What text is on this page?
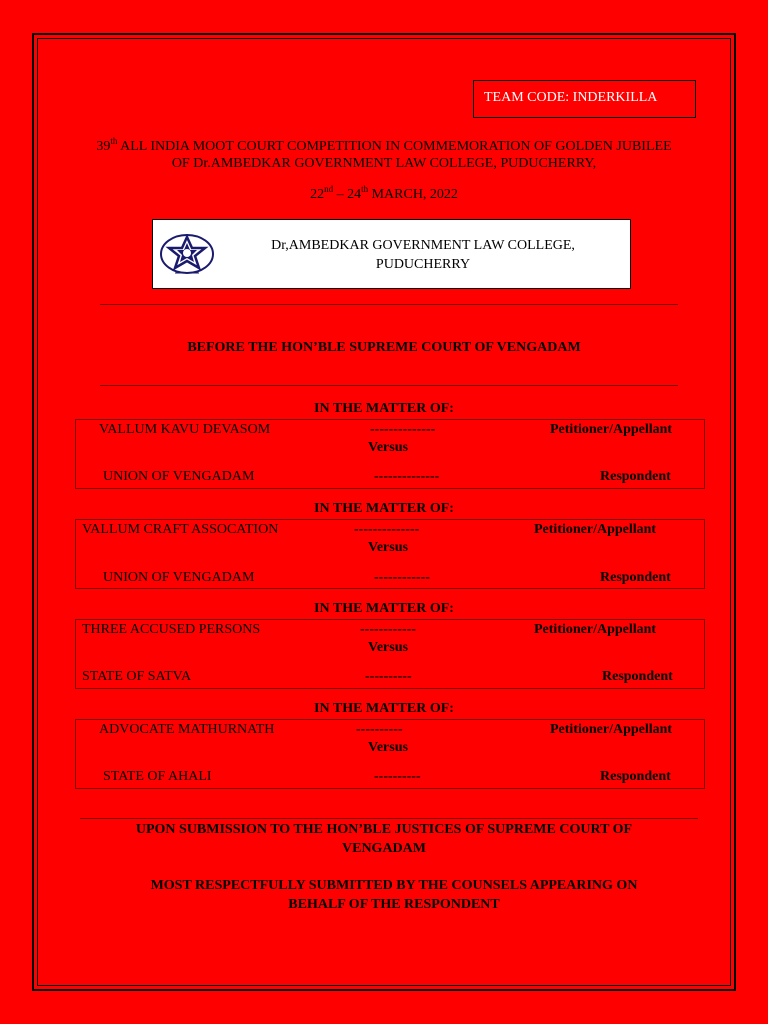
TEAM CODE: INDERKILLA
39th ALL INDIA MOOT COURT COMPETITION IN COMMEMORATION OF GOLDEN JUBILEE
OF Dr.AMBEDKAR GOVERNMENT LAW COLLEGE, PUDUCHERRY,
22nd – 24th MARCH, 2022
Dr,AMBEDKAR GOVERNMENT LAW COLLEGE,
PUDUCHERRY
BEFORE THE HON’BLE SUPREME COURT OF VENGADAM
IN THE MATTER OF:
VALLUM KAVU DEVASOM	--------------	Petitioner/Appellant
Versus
UNION OF VENGADAM	--------------	Respondent
IN THE MATTER OF:
VALLUM CRAFT ASSOCATION	--------------	Petitioner/Appellant
Versus
UNION OF VENGADAM	------------	Respondent
IN THE MATTER OF:
THREE ACCUSED PERSONS	------------	Petitioner/Appellant
Versus
STATE OF SATVA	----------	Respondent
IN THE MATTER OF:
ADVOCATE MATHURNATH	----------	Petitioner/Appellant
Versus
STATE OF AHALI	----------	Respondent
UPON SUBMISSION TO THE HON’BLE JUSTICES OF SUPREME COURT OF
VENGADAM
MOST RESPECTFULLY SUBMITTED BY THE COUNSELS APPEARING ON
BEHALF OF THE RESPONDENT
